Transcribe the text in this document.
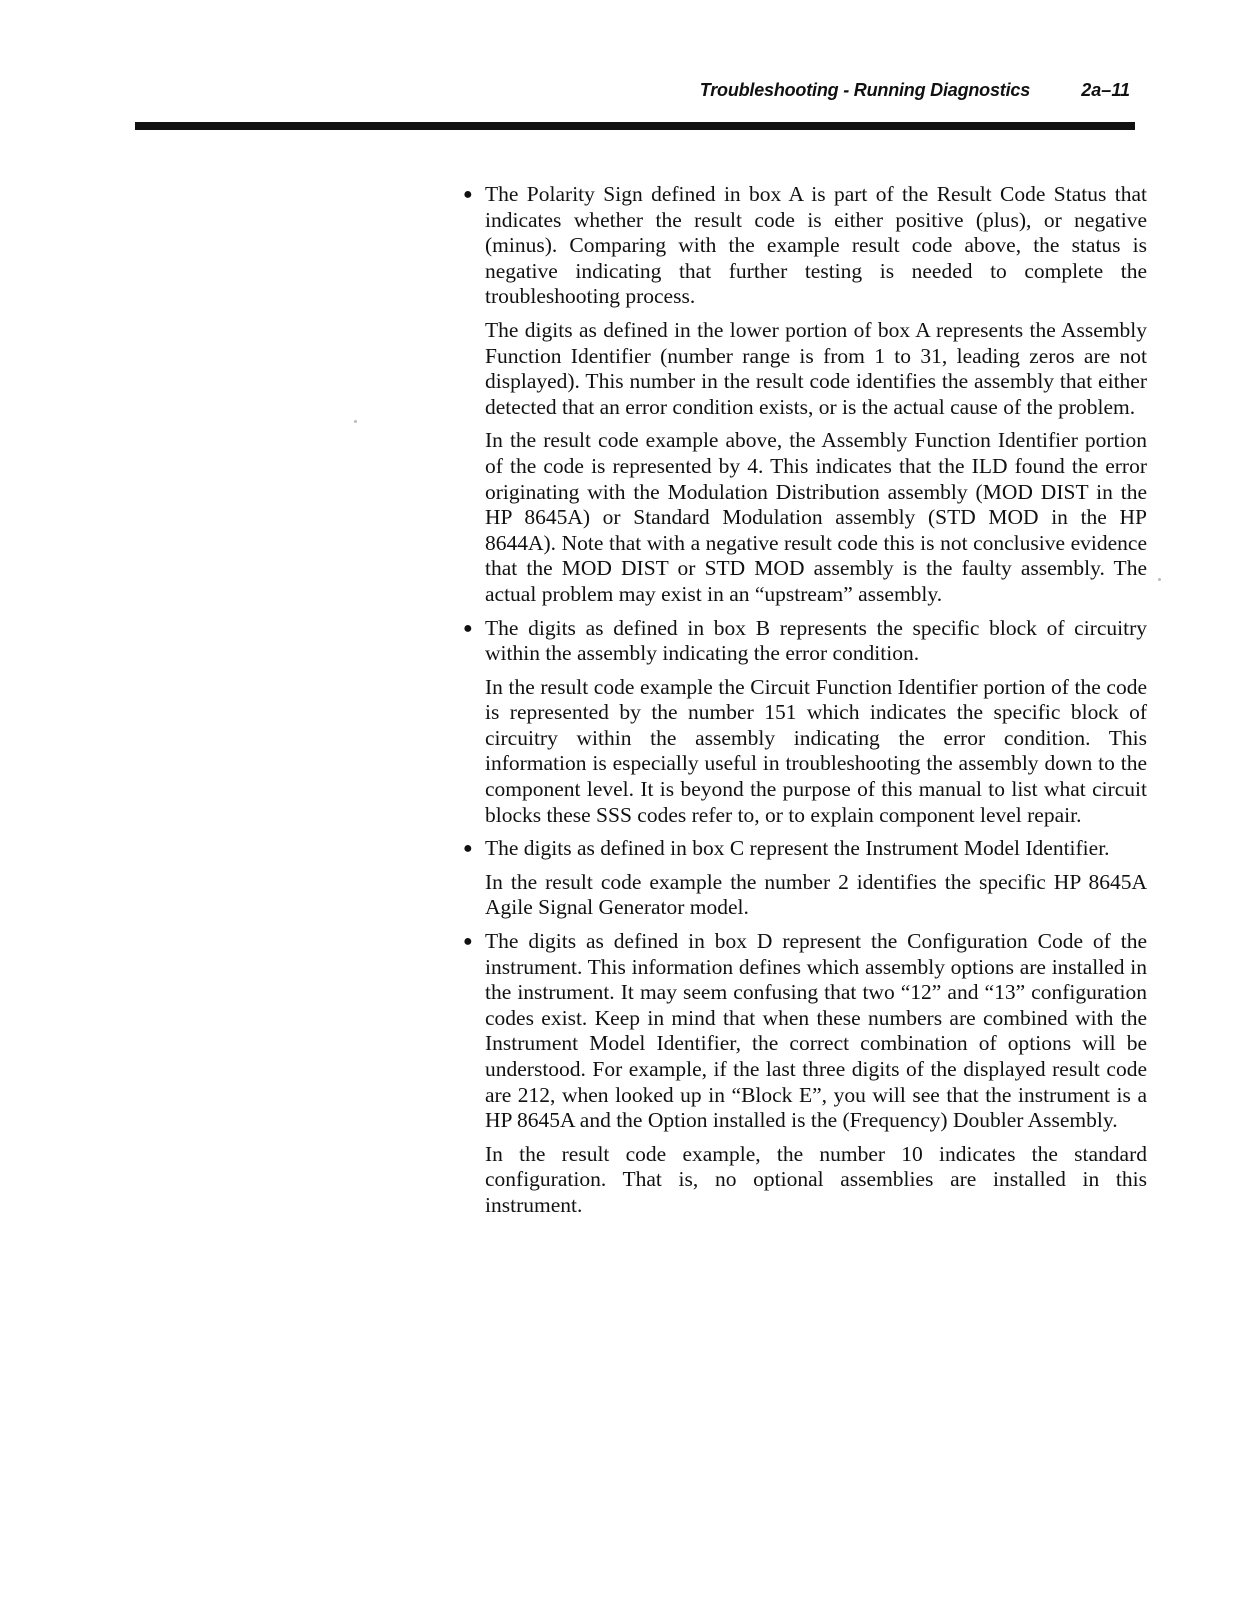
Troubleshooting - Running Diagnostics	2a–11
● The Polarity Sign defined in box A is part of the Result Code Status that indicates whether the result code is either positive (plus), or negative (minus). Comparing with the example result code above, the status is negative indicating that further testing is needed to complete the troubleshooting process.
The digits as defined in the lower portion of box A represents the Assembly Function Identifier (number range is from 1 to 31, leading zeros are not displayed). This number in the result code identifies the assembly that either detected that an error condition exists, or is the actual cause of the problem.
In the result code example above, the Assembly Function Identifier portion of the code is represented by 4. This indicates that the ILD found the error originating with the Modulation Distribution assembly (MOD DIST in the HP 8645A) or Standard Modulation assembly (STD MOD in the HP 8644A). Note that with a negative result code this is not conclusive evidence that the MOD DIST or STD MOD assembly is the faulty assembly. The actual problem may exist in an “upstream” assembly.
● The digits as defined in box B represents the specific block of circuitry within the assembly indicating the error condition.
In the result code example the Circuit Function Identifier portion of the code is represented by the number 151 which indicates the specific block of circuitry within the assembly indicating the error condition. This information is especially useful in troubleshooting the assembly down to the component level. It is beyond the purpose of this manual to list what circuit blocks these SSS codes refer to, or to explain component level repair.
● The digits as defined in box C represent the Instrument Model Identifier.
In the result code example the number 2 identifies the specific HP 8645A Agile Signal Generator model.
● The digits as defined in box D represent the Configuration Code of the instrument. This information defines which assembly options are installed in the instrument. It may seem confusing that two “12” and “13” configuration codes exist. Keep in mind that when these numbers are combined with the Instrument Model Identifier, the correct combination of options will be understood. For example, if the last three digits of the displayed result code are 212, when looked up in “Block E”, you will see that the instrument is a HP 8645A and the Option installed is the (Frequency) Doubler Assembly.
In the result code example, the number 10 indicates the standard configuration. That is, no optional assemblies are installed in this instrument.
